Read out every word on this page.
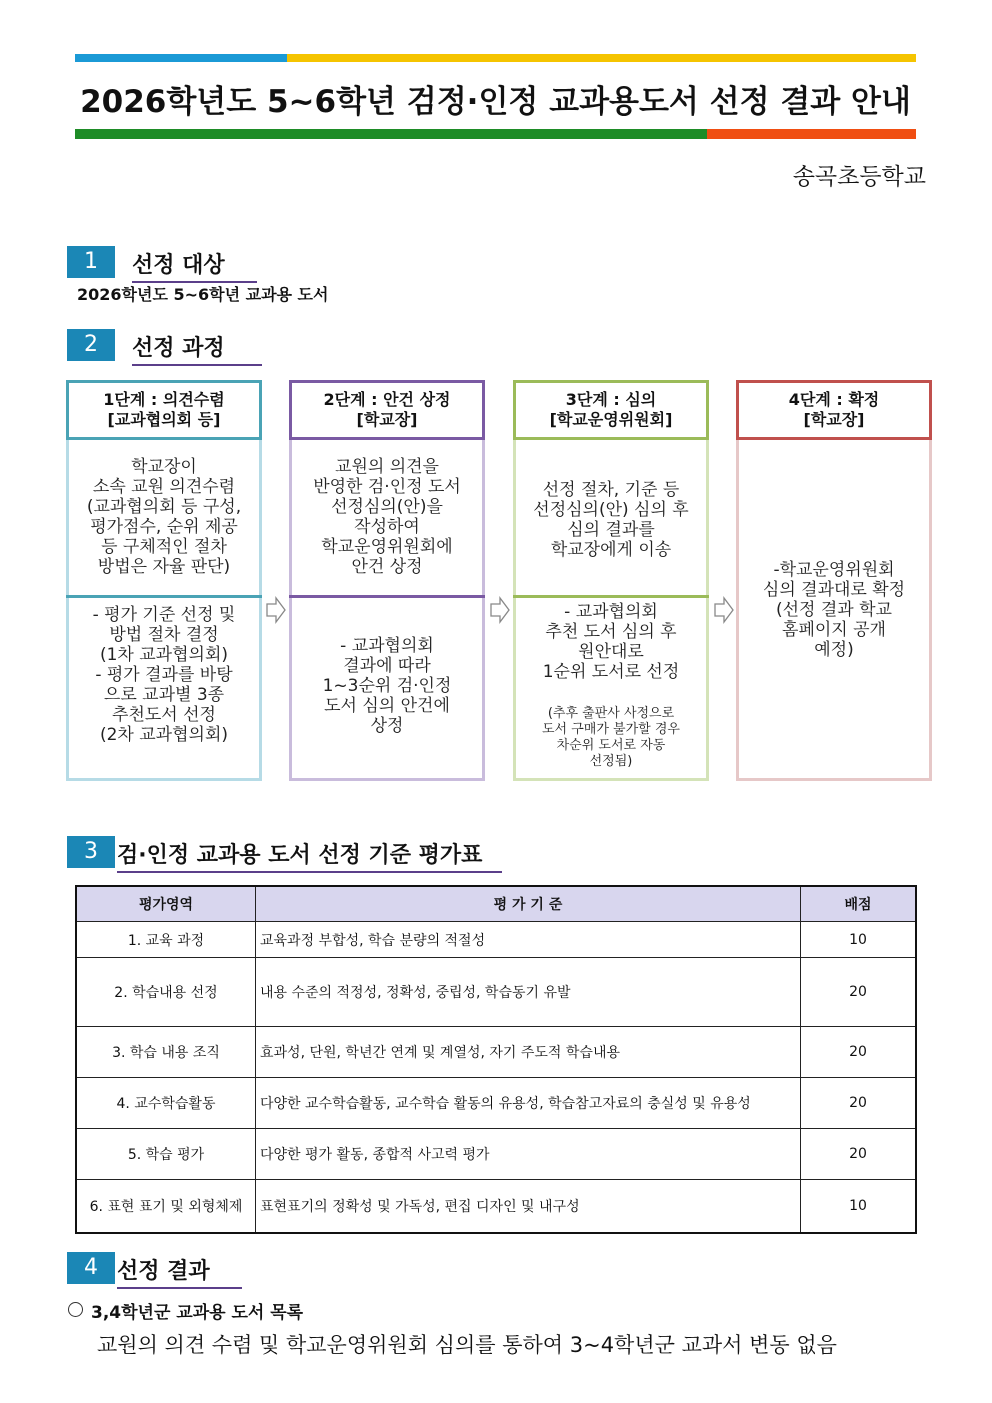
2026학년도 5~6학년 검정·인정 교과용도서 선정 결과 안내
송곡초등학교
1	선정 대상
2026학년도 5~6학년 교과용 도서
2	선정 과정
1단계 : 의견수렴
[교과협의회 등]
학교장이
소속 교원 의견수렴
(교과협의회 등 구성,
평가점수, 순위 제공
등 구체적인 절차
방법은 자율 판단)
- 평가 기준 선정 및
방법 절차 결정
(1차 교과협의회)
- 평가 결과를 바탕
으로 교과별 3종
추천도서 선정
(2차 교과협의회)
2단계 : 안건 상정
[학교장]
교원의 의견을
반영한 검·인정 도서
선정심의(안)을
작성하여
학교운영위원회에
안건 상정
- 교과협의회
결과에 따라
1~3순위 검·인정
도서 심의 안건에
상정
3단계 : 심의
[학교운영위원회]
선정 절차, 기준 등
선정심의(안) 심의 후
심의 결과를
학교장에게 이송
- 교과협의회
추천 도서 심의 후
원안대로
1순위 도서로 선정
(추후 출판사 사정으로
도서 구매가 불가할 경우
차순위 도서로 자동
선정됨)
4단계 : 확정
[학교장]
-학교운영위원회
심의 결과대로 확정
(선정 결과 학교
홈페이지 공개
예정)
3 검·인정 교과용 도서 선정 기준 평가표
평가영역	평 가 기 준	배점
1. 교육 과정	교육과정 부합성, 학습 분량의 적절성	10
2. 학습내용 선정	내용 수준의 적정성, 정확성, 중립성, 학습동기 유발	20
3. 학습 내용 조직	효과성, 단원, 학년간 연계 및 계열성, 자기 주도적 학습내용	20
4. 교수학습활동	다양한 교수학습활동, 교수학습 활동의 유용성, 학습참고자료의 충실성 및 유용성	20
5. 학습 평가	다양한 평가 활동, 종합적 사고력 평가	20
6. 표현 표기 및 외형체제	표현표기의 정확성 및 가독성, 편집 디자인 및 내구성	10
4 선정 결과
3,4학년군 교과용 도서 목록
교원의 의견 수렴 및 학교운영위원회 심의를 통하여 3~4학년군 교과서 변동 없음
